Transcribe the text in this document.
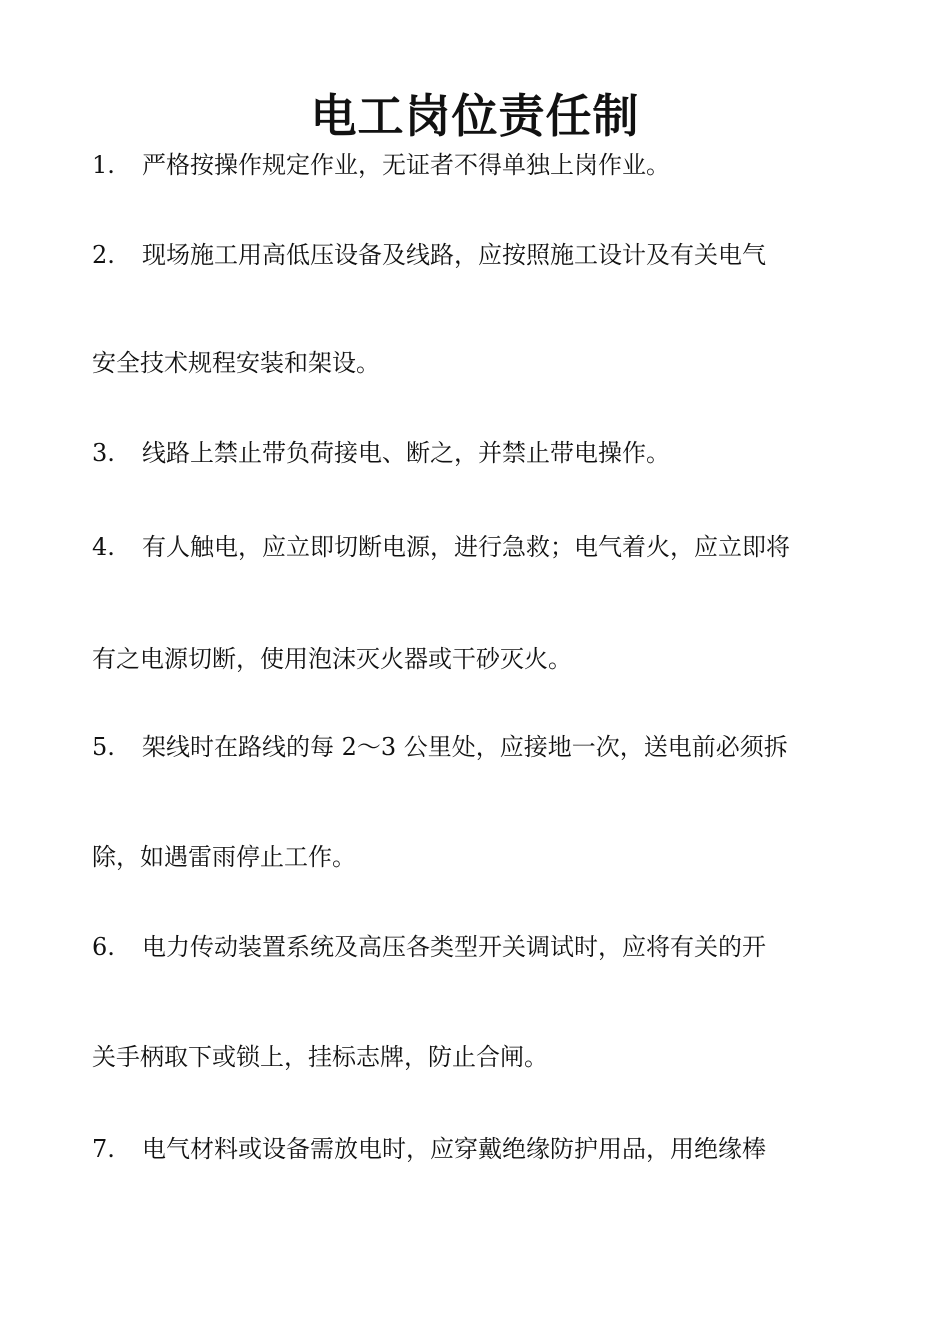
电工岗位责任制
1. 严格按操作规定作业，无证者不得单独上岗作业。
2. 现场施工用高低压设备及线路，应按照施工设计及有关电气
安全技术规程安装和架设。
3. 线路上禁止带负荷接电、断之，并禁止带电操作。
4. 有人触电，应立即切断电源，进行急救；电气着火，应立即将
有之电源切断，使用泡沫灭火器或干砂灭火。
5. 架线时在路线的每 2～3 公里处，应接地一次，送电前必须拆
除，如遇雷雨停止工作。
6. 电力传动装置系统及高压各类型开关调试时，应将有关的开
关手柄取下或锁上，挂标志牌，防止合闸。
7. 电气材料或设备需放电时，应穿戴绝缘防护用品，用绝缘棒
